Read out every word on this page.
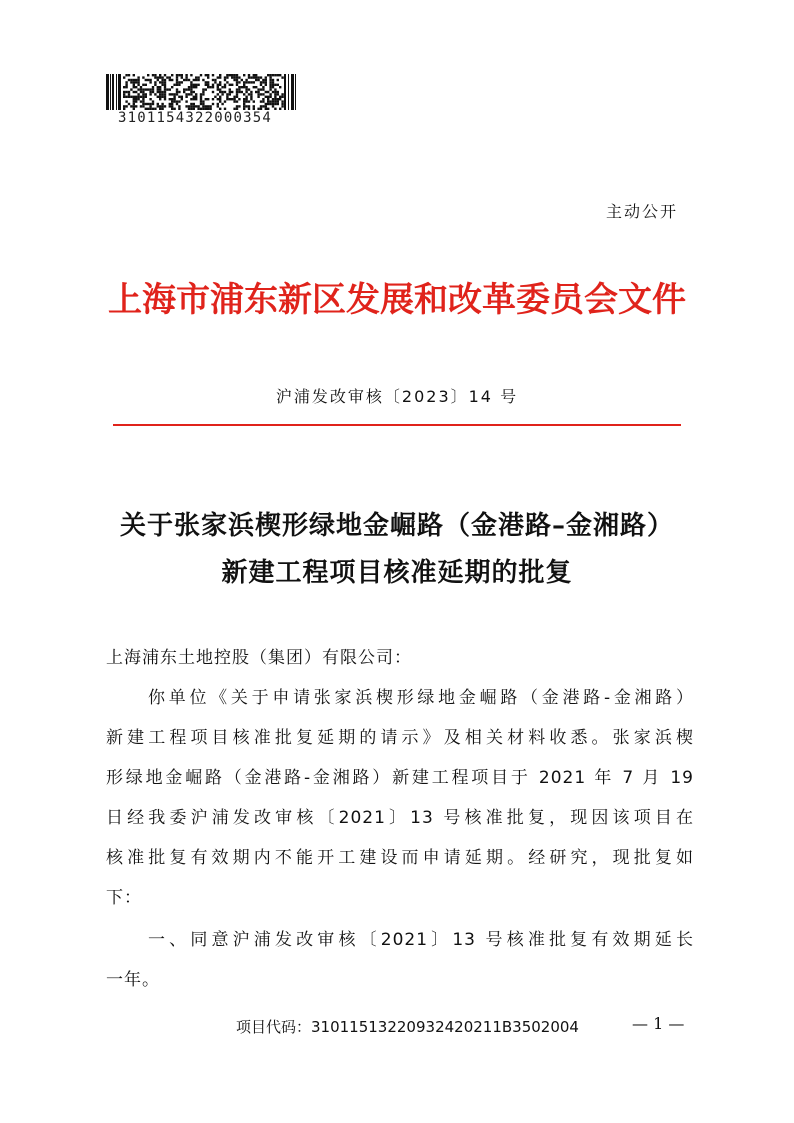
3101154322000354
主动公开
上海市浦东新区发展和改革委员会文件
沪浦发改审核〔2023〕14 号
关于张家浜楔形绿地金崛路（金港路–金湘路）
新建工程项目核准延期的批复
上海浦东土地控股（集团）有限公司：
你单位《关于申请张家浜楔形绿地金崛路（金港路-金湘路）
新建工程项目核准批复延期的请示》及相关材料收悉。张家浜楔
形绿地金崛路（金港路-金湘路）新建工程项目于 2021 年 7 月 19
日经我委沪浦发改审核〔2021〕13 号核准批复，现因该项目在
核准批复有效期内不能开工建设而申请延期。经研究，现批复如
下：
一、同意沪浦发改审核〔2021〕13 号核准批复有效期延长
一年。
项目代码：31011513220932420211B3502004	— 1 —
